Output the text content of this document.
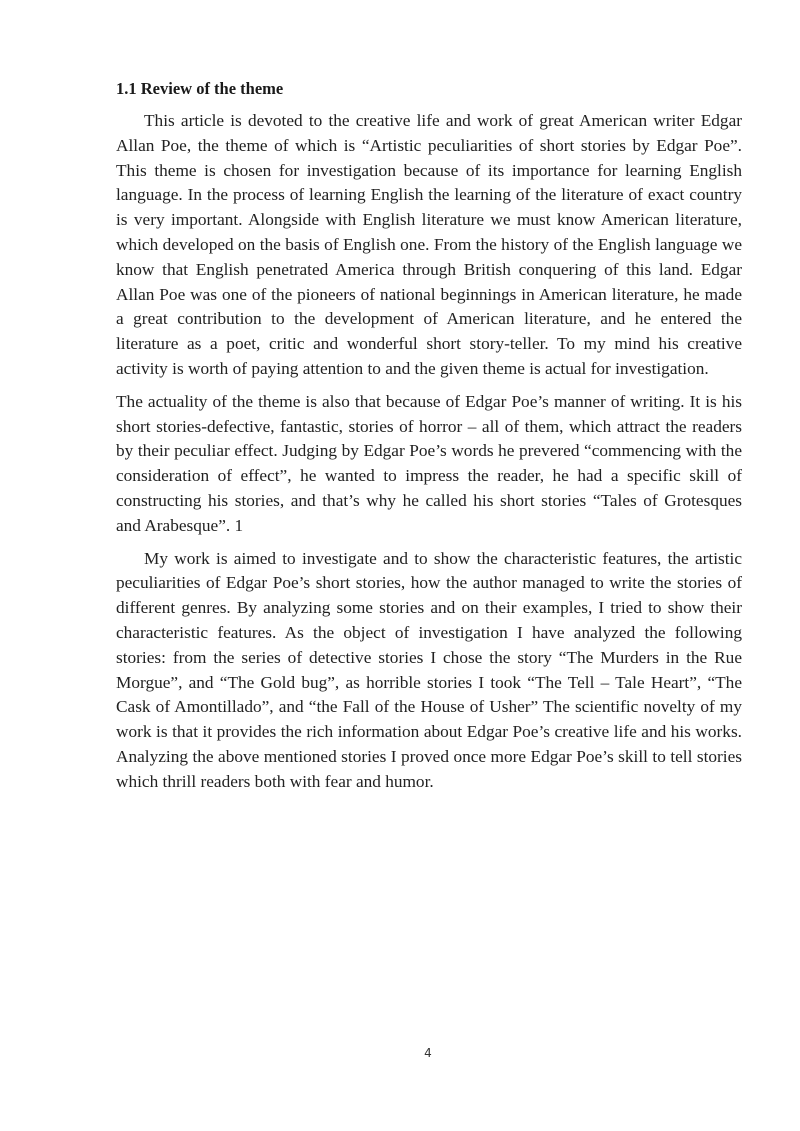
1.1 Review of the theme

This article is devoted to the creative life and work of great American writer Edgar Allan Poe, the theme of which is “Artistic peculiarities of short stories by Edgar Poe”. This theme is chosen for investigation because of its importance for learning English language. In the process of learning English the learning of the literature of exact country is very important. Alongside with English literature we must know American literature, which developed on the basis of English one. From the history of the English language we know that English penetrated America through British conquering of this land. Edgar Allan Poe was one of the pioneers of national beginnings in American literature, he made a great contribution to the development of American literature, and he entered the literature as a poet, critic and wonderful short story-teller. To my mind his creative activity is worth of paying attention to and the given theme is actual for investigation.

The actuality of the theme is also that because of Edgar Poe’s manner of writing. It is his short stories-defective, fantastic, stories of horror – all of them, which attract the readers by their peculiar effect. Judging by Edgar Poe’s words he prevered “commencing with the consideration of effect”, he wanted to impress the reader, he had a specific skill of constructing his stories, and that’s why he called his short stories “Tales of Grotesques and Arabesque”. 1

My work is aimed to investigate and to show the characteristic features, the artistic peculiarities of Edgar Poe’s short stories, how the author managed to write the stories of different genres. By analyzing some stories and on their examples, I tried to show their characteristic features. As the object of investigation I have analyzed the following stories: from the series of detective stories I chose the story “The Murders in the Rue Morgue”, and “The Gold bug”, as horrible stories I took “The Tell – Tale Heart”, “The Cask of Amontillado”, and “the Fall of the House of Usher” The scientific novelty of my work is that it provides the rich information about Edgar Poe’s creative life and his works. Analyzing the above mentioned stories I proved once more Edgar Poe’s skill to tell stories which thrill readers both with fear and humor.

4
